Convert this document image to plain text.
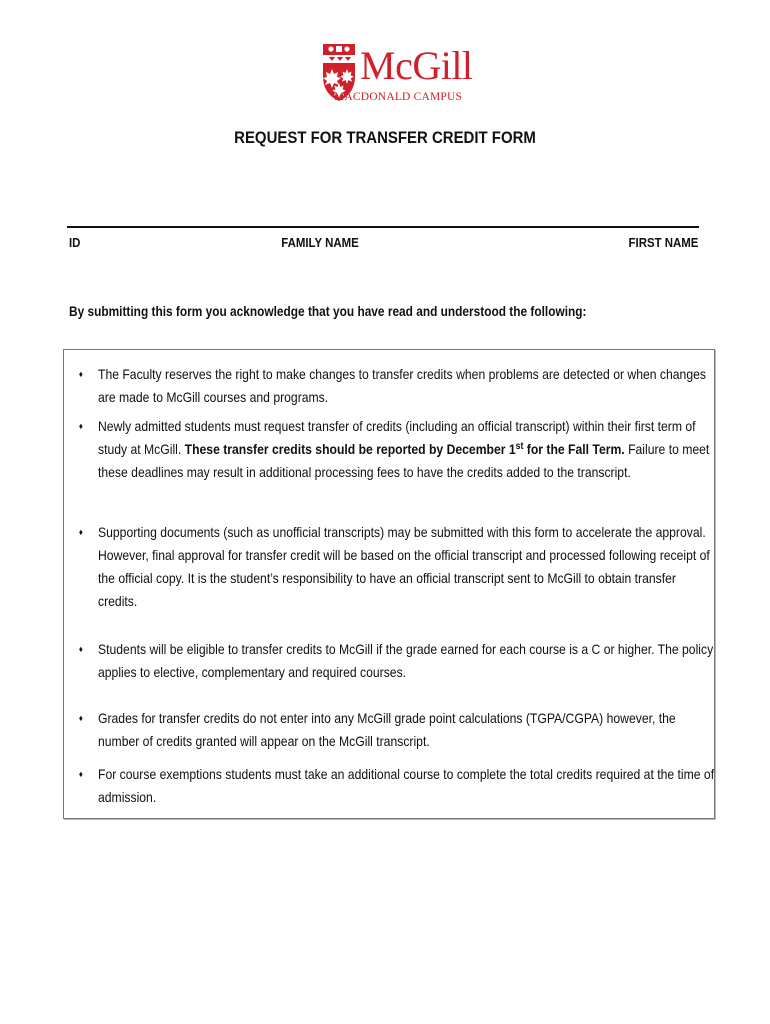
McGill
MACDONALD CAMPUS
REQUEST FOR TRANSFER CREDIT FORM
ID	FAMILY NAME	FIRST NAME
By submitting this form you acknowledge that you have read and understood the following:
♦ The Faculty reserves the right to make changes to transfer credits when problems are detected or when changes are made to McGill courses and programs.
♦ Newly admitted students must request transfer of credits (including an official transcript) within their first term of study at McGill. These transfer credits should be reported by December 1st for the Fall Term. Failure to meet these deadlines may result in additional processing fees to have the credits added to the transcript.
♦ Supporting documents (such as unofficial transcripts) may be submitted with this form to accelerate the approval. However, final approval for transfer credit will be based on the official transcript and processed following receipt of the official copy. It is the student’s responsibility to have an official transcript sent to McGill to obtain transfer credits.
♦ Students will be eligible to transfer credits to McGill if the grade earned for each course is a C or higher. The policy applies to elective, complementary and required courses.
♦ Grades for transfer credits do not enter into any McGill grade point calculations (TGPA/CGPA) however, the number of credits granted will appear on the McGill transcript.
♦ For course exemptions students must take an additional course to complete the total credits required at the time of admission.
